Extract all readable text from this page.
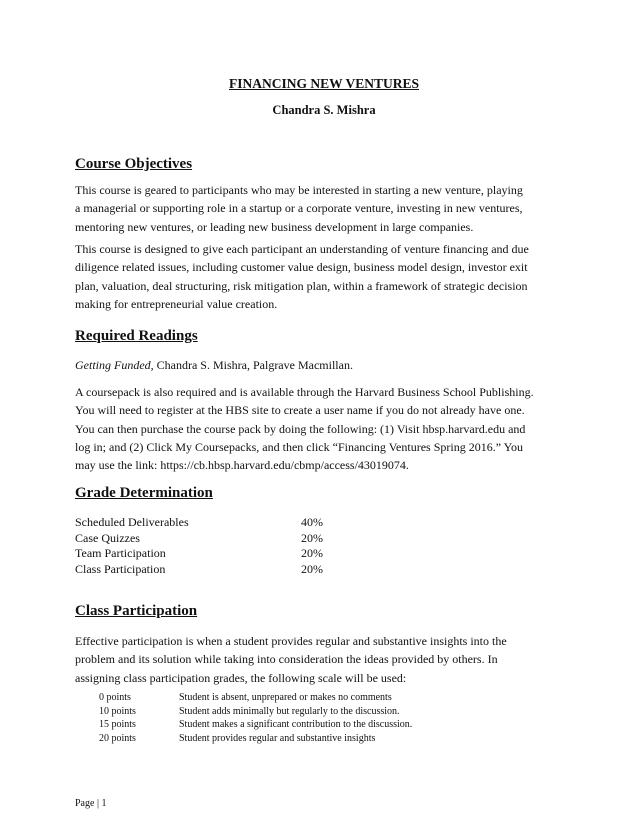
FINANCING NEW VENTURES
Chandra S. Mishra
Course Objectives
This course is geared to participants who may be interested in starting a new venture, playing
a managerial or supporting role in a startup or a corporate venture, investing in new ventures,
mentoring new ventures, or leading new business development in large companies.
This course is designed to give each participant an understanding of venture financing and due
diligence related issues, including customer value design, business model design, investor exit
plan, valuation, deal structuring, risk mitigation plan, within a framework of strategic decision
making for entrepreneurial value creation.
Required Readings
Getting Funded, Chandra S. Mishra, Palgrave Macmillan.
A coursepack is also required and is available through the Harvard Business School Publishing.
You will need to register at the HBS site to create a user name if you do not already have one.
You can then purchase the course pack by doing the following: (1) Visit hbsp.harvard.edu and
log in; and (2) Click My Coursepacks, and then click “Financing Ventures Spring 2016.” You
may use the link: https://cb.hbsp.harvard.edu/cbmp/access/43019074.
Grade Determination
Scheduled Deliverables	40%
Case Quizzes	20%
Team Participation	20%
Class Participation	20%
Class Participation
Effective participation is when a student provides regular and substantive insights into the
problem and its solution while taking into consideration the ideas provided by others. In
assigning class participation grades, the following scale will be used:
0 points	Student is absent, unprepared or makes no comments
10 points	Student adds minimally but regularly to the discussion.
15 points	Student makes a significant contribution to the discussion.
20 points	Student provides regular and substantive insights
Page | 1
